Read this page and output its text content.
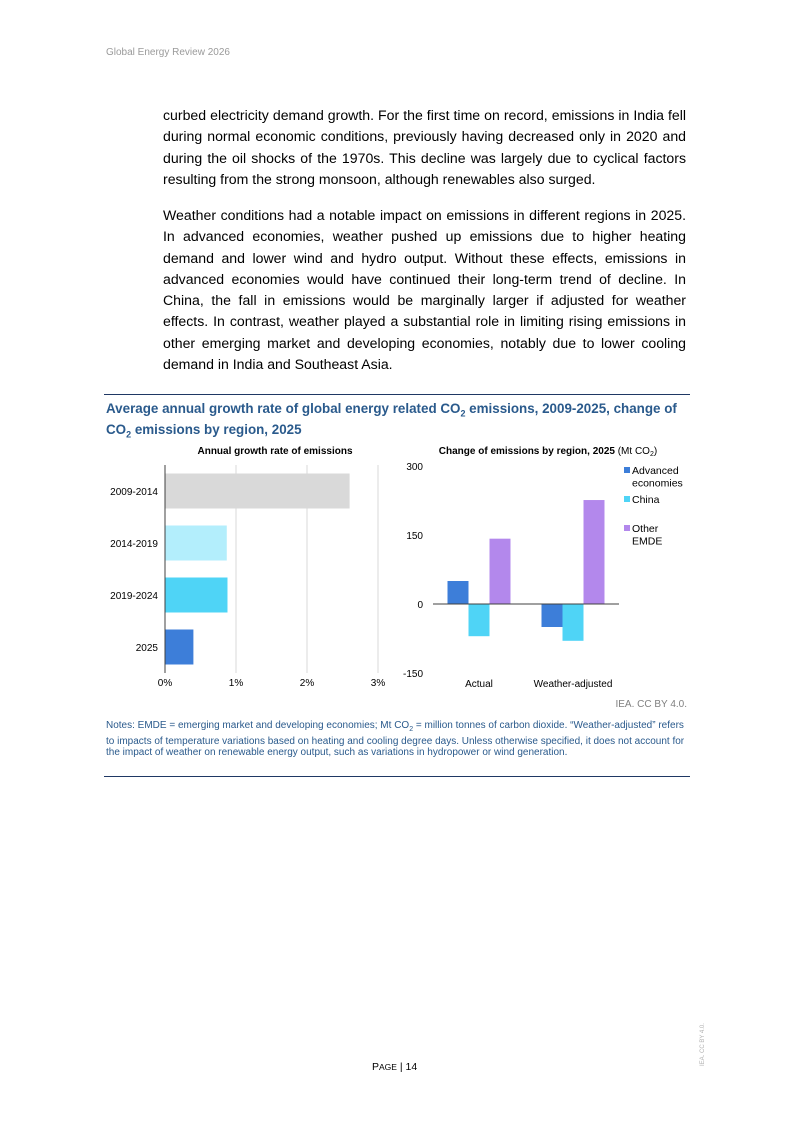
Global Energy Review 2026

curbed electricity demand growth. For the first time on record, emissions in India fell during normal economic conditions, previously having decreased only in 2020 and during the oil shocks of the 1970s. This decline was largely due to cyclical factors resulting from the strong monsoon, although renewables also surged.

Weather conditions had a notable impact on emissions in different regions in 2025. In advanced economies, weather pushed up emissions due to higher heating demand and lower wind and hydro output. Without these effects, emissions in advanced economies would have continued their long-term trend of decline. In China, the fall in emissions would be marginally larger if adjusted for weather effects. In contrast, weather played a substantial role in limiting rising emissions in other emerging market and developing economies, notably due to lower cooling demand in India and Southeast Asia.

Average annual growth rate of global energy related $CO_2$ emissions, 2009-2025, change of $CO_2$ emissions by region, 2025
Annual growth rate of emissions
0%	1%	2%	3%
2009-2014
2014-2019
2019-2024
2025
Change of emissions by region, 2025 (Mt $CO_2$)
-150
0
150
300
Actual	Weather-adjusted
Advanced
economies
China
Other
EMDE
IEA. CC BY 4.0.

Notes: EMDE = emerging market and developing economies; Mt $CO_2$ = million tonnes of carbon dioxide. “Weather-adjusted” refers to impacts of temperature variations based on heating and cooling degree days. Unless otherwise specified, it does not account for the impact of weather on renewable energy output, such as variations in hydropower or wind generation.

PAGE | 14
IEA. CC BY 4.0.
